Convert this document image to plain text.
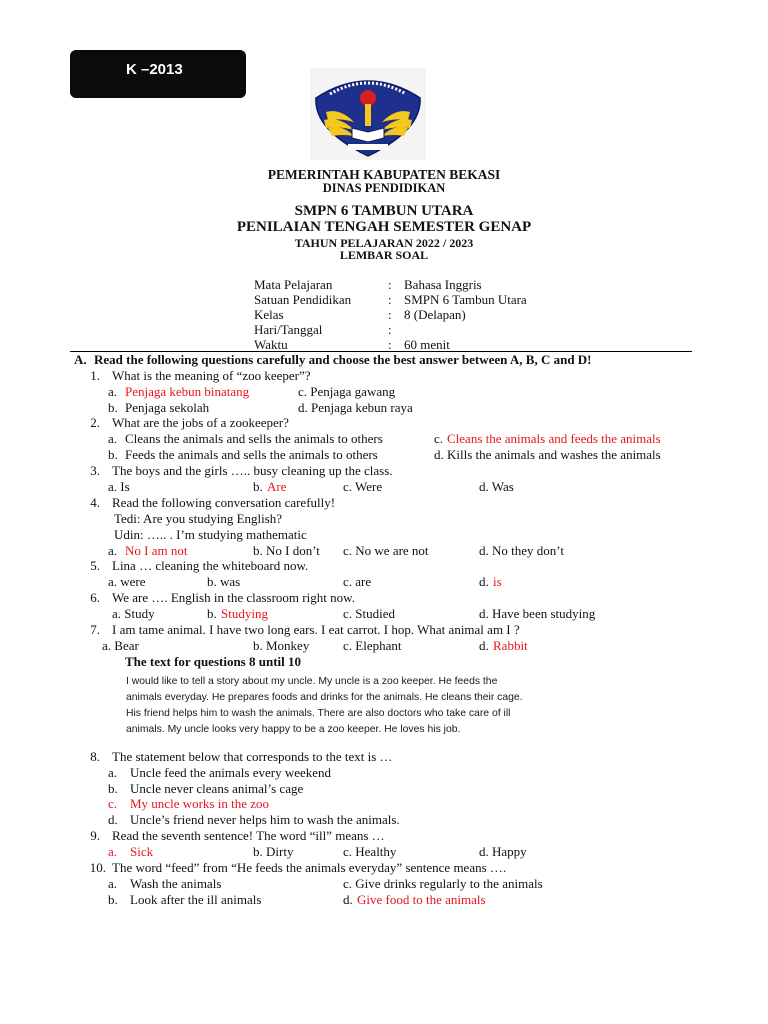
K –2013
PEMERINTAH KABUPATEN BEKASI
DINAS PENDIDIKAN
SMPN 6 TAMBUN UTARA
PENILAIAN TENGAH SEMESTER GENAP
TAHUN PELAJARAN 2022 / 2023
LEMBAR SOAL
Mata Pelajaran	: Bahasa Inggris
Satuan Pendidikan	: SMPN 6 Tambun Utara
Kelas	: 8 (Delapan)
Hari/Tanggal	:
Waktu	: 60 menit
A. Read the following questions carefully and choose the best answer between A, B, C and D!
1. What is the meaning of “zoo keeper”?
a. Penjaga kebun binatang	c. Penjaga gawang
b. Penjaga sekolah	d. Penjaga kebun raya
2. What are the jobs of a zookeeper?
a. Cleans the animals and sells the animals to others	c. Cleans the animals and feeds the animals
b. Feeds the animals and sells the animals to others	d. Kills the animals and washes the animals
3. The boys and the girls ….. busy cleaning up the class.
a. Is	b. Are	c. Were	d. Was
4. Read the following conversation carefully!
Tedi: Are you studying English?
Udin: ….. . I’m studying mathematic
a. No I am not	b. No I don’t c. No we are not	d. No they don’t
5. Lina … cleaning the whiteboard now.
a. were	b. was	c. are	d. is
6. We are …. English in the classroom right now.
a. Study	b. Studying	c. Studied	d. Have been studying
7. I am tame animal. I have two long ears. I eat carrot. I hop. What animal am I ?
a. Bear	b. Monkey	c. Elephant	d. Rabbit
The text for questions 8 until 10

I would like to tell a story about my uncle. My uncle is a zoo keeper. He feeds the

animals everyday. He prepares foods and drinks for the animals. He cleans their cage.

His friend helps him to wash the animals. There are also doctors who take care of ill

animals. My uncle looks very happy to be a zoo keeper. He loves his job.

8. The statement below that corresponds to the text is …
a. Uncle feed the animals every weekend
b. Uncle never cleans animal’s cage
c. My uncle works in the zoo
d. Uncle’s friend never helps him to wash the animals.
9. Read the seventh sentence! The word “ill” means …
a. Sick	b. Dirty	c. Healthy	d. Happy
10. The word “feed” from “He feeds the animals everyday” sentence means ….
a. Wash the animals	c. Give drinks regularly to the animals
b. Look after the ill animals	d. Give food to the animals
